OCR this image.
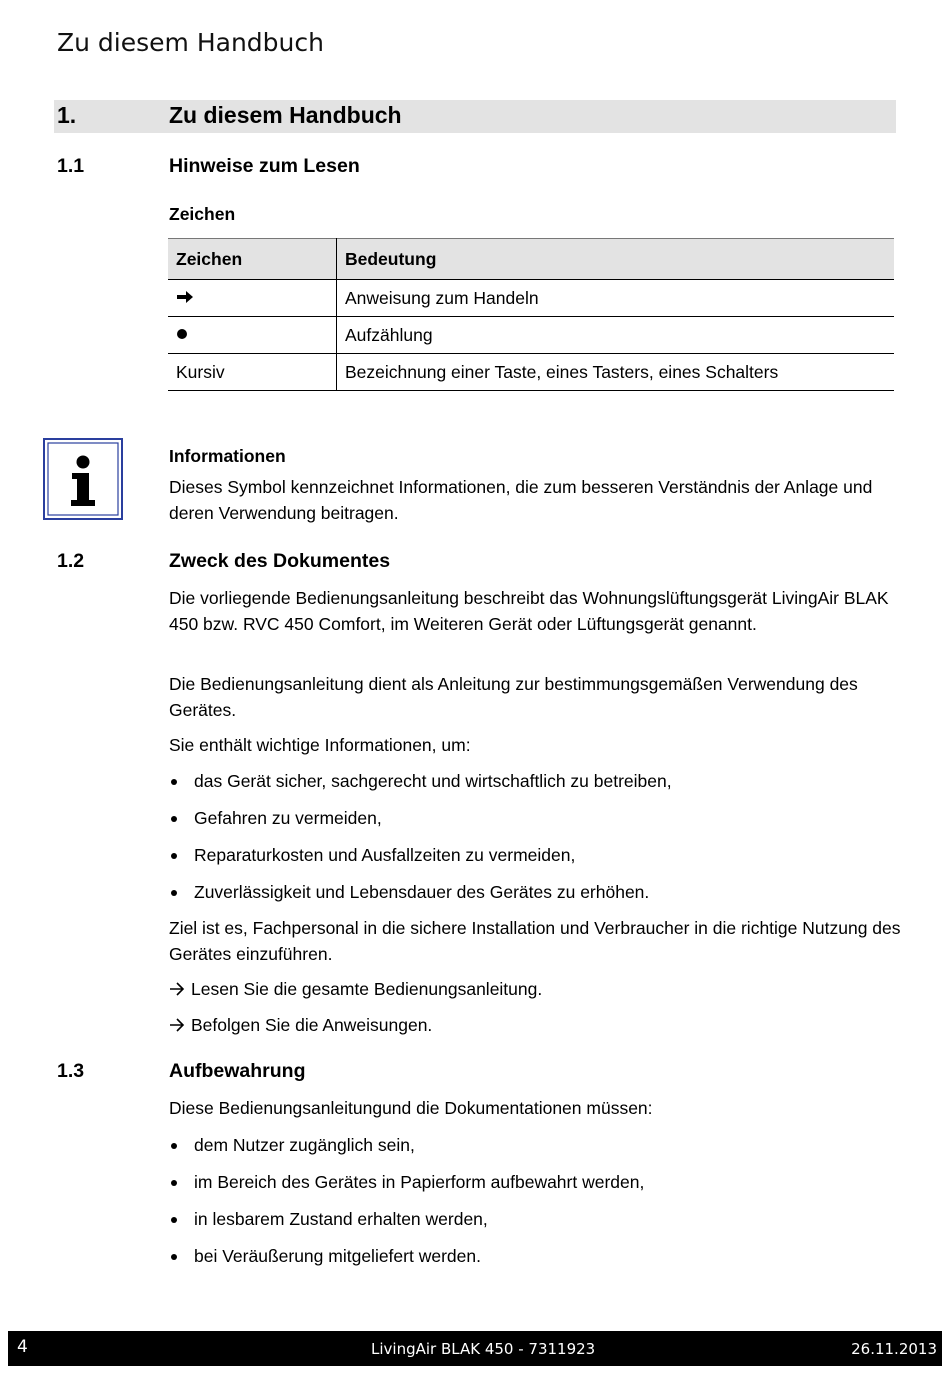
Zu diesem Handbuch
1.	Zu diesem Handbuch
1.1	Hinweise zum Lesen
Zeichen
Zeichen	Bedeutung
	Anweisung zum Handeln
	Aufzählung
Kursiv	Bezeichnung einer Taste, eines Tasters, eines Schalters
Informationen
Dieses Symbol kennzeichnet Informationen, die zum besseren Verständnis der Anlage und deren Verwendung beitragen.
1.2	Zweck des Dokumentes
Die vorliegende Bedienungsanleitung beschreibt das Wohnungslüftungsgerät LivingAir BLAK 450 bzw. RVC 450 Comfort, im Weiteren Gerät oder Lüftungsgerät genannt.
Die Bedienungsanleitung dient als Anleitung zur bestimmungsgemäßen Verwendung des Gerätes.
Sie enthält wichtige Informationen, um:
das Gerät sicher, sachgerecht und wirtschaftlich zu betreiben,
Gefahren zu vermeiden,
Reparaturkosten und Ausfallzeiten zu vermeiden,
Zuverlässigkeit und Lebensdauer des Gerätes zu erhöhen.
Ziel ist es, Fachpersonal in die sichere Installation und Verbraucher in die richtige Nutzung des Gerätes einzuführen.
Lesen Sie die gesamte Bedienungsanleitung.
Befolgen Sie die Anweisungen.
1.3	Aufbewahrung
Diese Bedienungsanleitungund die Dokumentationen müssen:
dem Nutzer zugänglich sein,
im Bereich des Gerätes in Papierform aufbewahrt werden,
in lesbarem Zustand erhalten werden,
bei Veräußerung mitgeliefert werden.
4	LivingAir BLAK 450 - 7311923	26.11.2013
